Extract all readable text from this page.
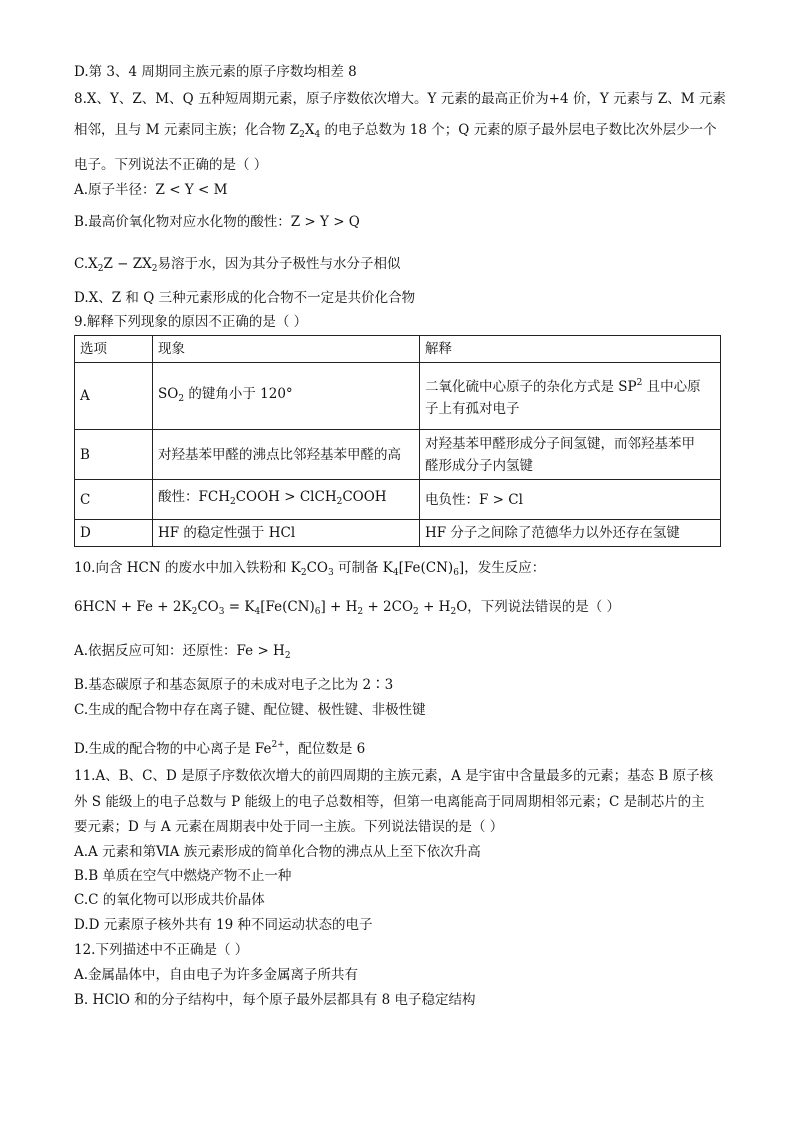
D.第 3、4 周期同主族元素的原子序数均相差 8
8.X、Y、Z、M、Q 五种短周期元素，原子序数依次增大。Y 元素的最高正价为+4 价，Y 元素与 Z、M 元素
相邻，且与 M 元素同主族；化合物 $Z_2X_4$ 的电子总数为 18 个；Q 元素的原子最外层电子数比次外层少一个
电子。下列说法不正确的是（ ）
A.原子半径：Z < Y < M
B.最高价氧化物对应水化物的酸性：Z > Y > Q
$C.X_2Z - ZX_2$易溶于水，因为其分子极性与水分子相似
D.X、Z 和 Q 三种元素形成的化合物不一定是共价化合物
9.解释下列现象的原因不正确的是（ ）
选项	现象	解释
A	$SO_2$ 的键角小于 120°	二氧化硫中心原子的杂化方式是 $SP^2$ 且中心原
子上有孤对电子
B	对羟基苯甲醛的沸点比邻羟基苯甲醛的高	对羟基苯甲醛形成分子间氢键，而邻羟基苯甲
醛形成分子内氢键
C	酸性：$FCH_2COOH$ > ClCH$_2$COOH	电负性：F > Cl
D	HF 的稳定性强于 HCl	HF 分子之间除了范德华力以外还存在氢键
10.向含 HCN 的废水中加入铁粉和 $K_2CO_3$ 可制备 $K_4[Fe(CN)_6]$，发生反应：
$6HCN + Fe + 2K_2CO_3 = K_4[Fe(CN)_6] + H_2 + 2CO_2 + H_2O$，下列说法错误的是（ ）
A.依据反应可知：还原性：$Fe > H_2$
B.基态碳原子和基态氮原子的未成对电子之比为 2∶3
C.生成的配合物中存在离子键、配位键、极性键、非极性键
D.生成的配合物的中心离子是 $Fe^{2+}$，配位数是 6
11.A、B、C、D 是原子序数依次增大的前四周期的主族元素，A 是宇宙中含量最多的元素；基态 B 原子核
外 S 能级上的电子总数与 P 能级上的电子总数相等，但第一电离能高于同周期相邻元素；C 是制芯片的主
要元素；D 与 A 元素在周期表中处于同一主族。下列说法错误的是（ ）
A.A 元素和第ⅥA 族元素形成的简单化合物的沸点从上至下依次升高
B.B 单质在空气中燃烧产物不止一种
C.C 的氧化物可以形成共价晶体
D.D 元素原子核外共有 19 种不同运动状态的电子
12.下列描述中不正确是（ ）
A.金属晶体中，自由电子为许多金属离子所共有
B. HClO 和的分子结构中，每个原子最外层都具有 8 电子稳定结构
